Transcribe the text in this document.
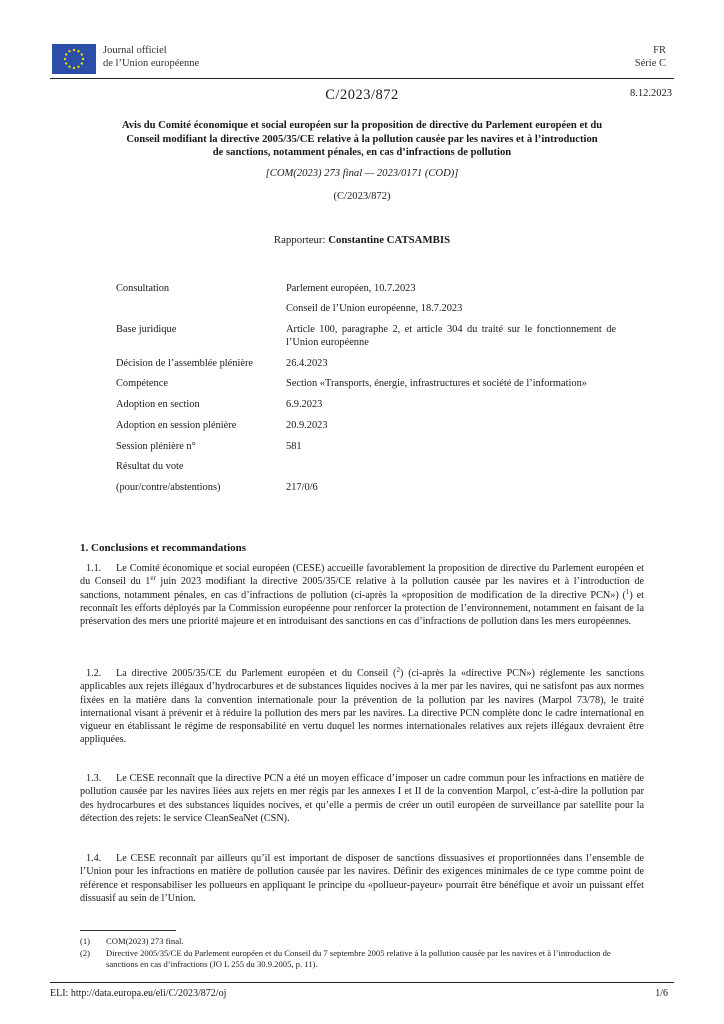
Journal officiel
de l’Union européenne
FR
Série C
C/2023/872	8.12.2023
Avis du Comité économique et social européen sur la proposition de directive du Parlement européen et du Conseil modifiant la directive 2005/35/CE relative à la pollution causée par les navires et à l’introduction de sanctions, notamment pénales, en cas d’infractions de pollution
[COM(2023) 273 final — 2023/0171 (COD)]
(C/2023/872)
Rapporteur: Constantine CATSAMBIS
Consultation	Parlement européen, 10.7.2023
Conseil de l’Union européenne, 18.7.2023
Base juridique	Article 100, paragraphe 2, et article 304 du traité sur le fonctionnement de l’Union européenne
Décision de l’assemblée plénière	26.4.2023
Compétence	Section «Transports, énergie, infrastructures et société de l’information»
Adoption en section	6.9.2023
Adoption en session plénière	20.9.2023
Session plénière n°	581
Résultat du vote
(pour/contre/abstentions)	217/0/6
1. Conclusions et recommandations
1.1. Le Comité économique et social européen (CESE) accueille favorablement la proposition de directive du Parlement européen et du Conseil du 1er juin 2023 modifiant la directive 2005/35/CE relative à la pollution causée par les navires et à l’introduction de sanctions, notamment pénales, en cas d’infractions de pollution (ci-après la «proposition de modification de la directive PCN») ($^1$) et reconnaît les efforts déployés par la Commission européenne pour renforcer la protection de l’environnement, notamment en faisant de la préservation des mers une priorité majeure et en introduisant des sanctions en cas d’infractions de pollution dans les mers européennes.
1.2. La directive 2005/35/CE du Parlement européen et du Conseil ($^2$) (ci-après la «directive PCN») réglemente les sanctions applicables aux rejets illégaux d’hydrocarbures et de substances liquides nocives à la mer par les navires, qui ne satisfont pas aux normes fixées en la matière dans la convention internationale pour la prévention de la pollution par les navires (Marpol 73/78), le traité international visant à prévenir et à réduire la pollution des mers par les navires. La directive PCN complète donc le cadre international en vigueur en établissant le régime de responsabilité en vertu duquel les normes internationales relatives aux rejets illégaux devraient être appliquées.
1.3. Le CESE reconnaît que la directive PCN a été un moyen efficace d’imposer un cadre commun pour les infractions en matière de pollution causée par les navires liées aux rejets en mer régis par les annexes I et II de la convention Marpol, c’est-à-dire la pollution par des hydrocarbures et des substances liquides nocives, et qu’elle a permis de créer un outil européen de surveillance par satellite pour la détection des rejets: le service CleanSeaNet (CSN).
1.4. Le CESE reconnaît par ailleurs qu’il est important de disposer de sanctions dissuasives et proportionnées dans l’ensemble de l’Union pour les infractions en matière de pollution causée par les navires. Définir des exigences minimales de ce type comme point de référence et responsabiliser les pollueurs en appliquant le principe du «pollueur-payeur» pourrait être bénéfique et avoir un puissant effet dissuasif au sein de l’Union.
(1)	COM(2023) 273 final.
(2)	Directive 2005/35/CE du Parlement européen et du Conseil du 7 septembre 2005 relative à la pollution causée par les navires et à l’introduction de sanctions en cas d’infractions (JO L 255 du 30.9.2005, p. 11).
ELI: http://data.europa.eu/eli/C/2023/872/oj	1/6
